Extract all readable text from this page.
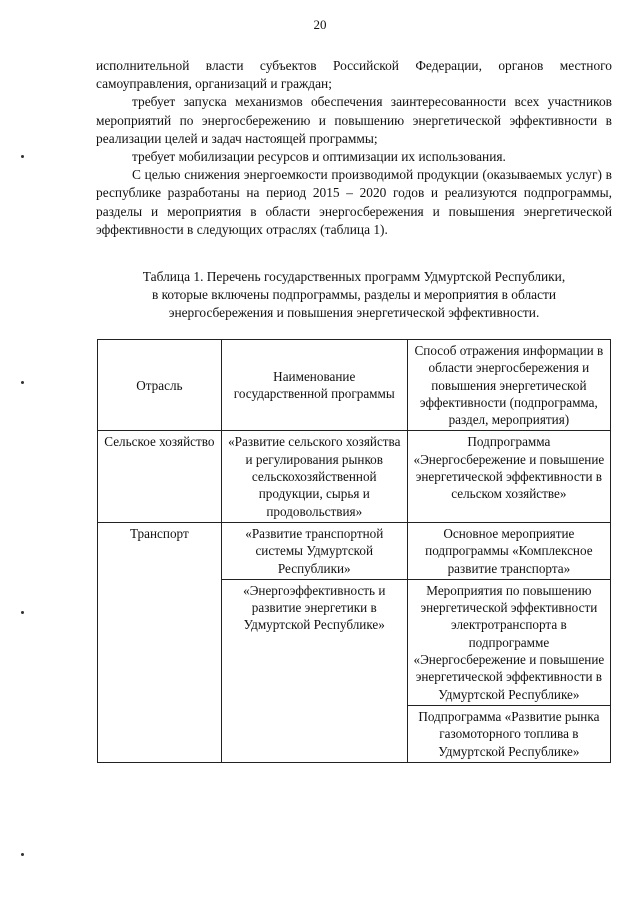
20

исполнительной власти субъектов Российской Федерации, органов местного самоуправления, организаций и граждан;

требует запуска механизмов обеспечения заинтересованности всех участников мероприятий по энергосбережению и повышению энергетической эффективности в реализации целей и задач настоящей программы;

требует мобилизации ресурсов и оптимизации их использования.

С целью снижения энергоемкости производимой продукции (оказываемых услуг) в республике разработаны на период 2015 – 2020 годов и реализуются подпрограммы, разделы и мероприятия в области энергосбережения и повышения энергетической эффективности в следующих отраслях (таблица 1).

Таблица 1. Перечень государственных программ Удмуртской Республики,
в которые включены подпрограммы, разделы и мероприятия в области
энергосбережения и повышения энергетической эффективности.
Отрасль	Наименование государственной программы	Способ отражения информации в области энергосбережения и повышения энергетической эффективности (подпрограмма, раздел, мероприятия)
Сельское хозяйство	«Развитие сельского хозяйства и регулирования рынков сельскохозяйственной продукции, сырья и продовольствия»	Подпрограмма «Энергосбережение и повышение энергетической эффективности в сельском хозяйстве»
Транспорт	«Развитие транспортной системы Удмуртской Республики»	Основное мероприятие подпрограммы «Комплексное развитие транспорта»
	«Энергоэффективность и развитие энергетики в Удмуртской Республике»	Мероприятия по повышению энергетической эффективности электротранспорта в подпрограмме «Энергосбережение и повышение энергетической эффективности в Удмуртской Республике»
		Подпрограмма «Развитие рынка газомоторного топлива в Удмуртской Республике»
